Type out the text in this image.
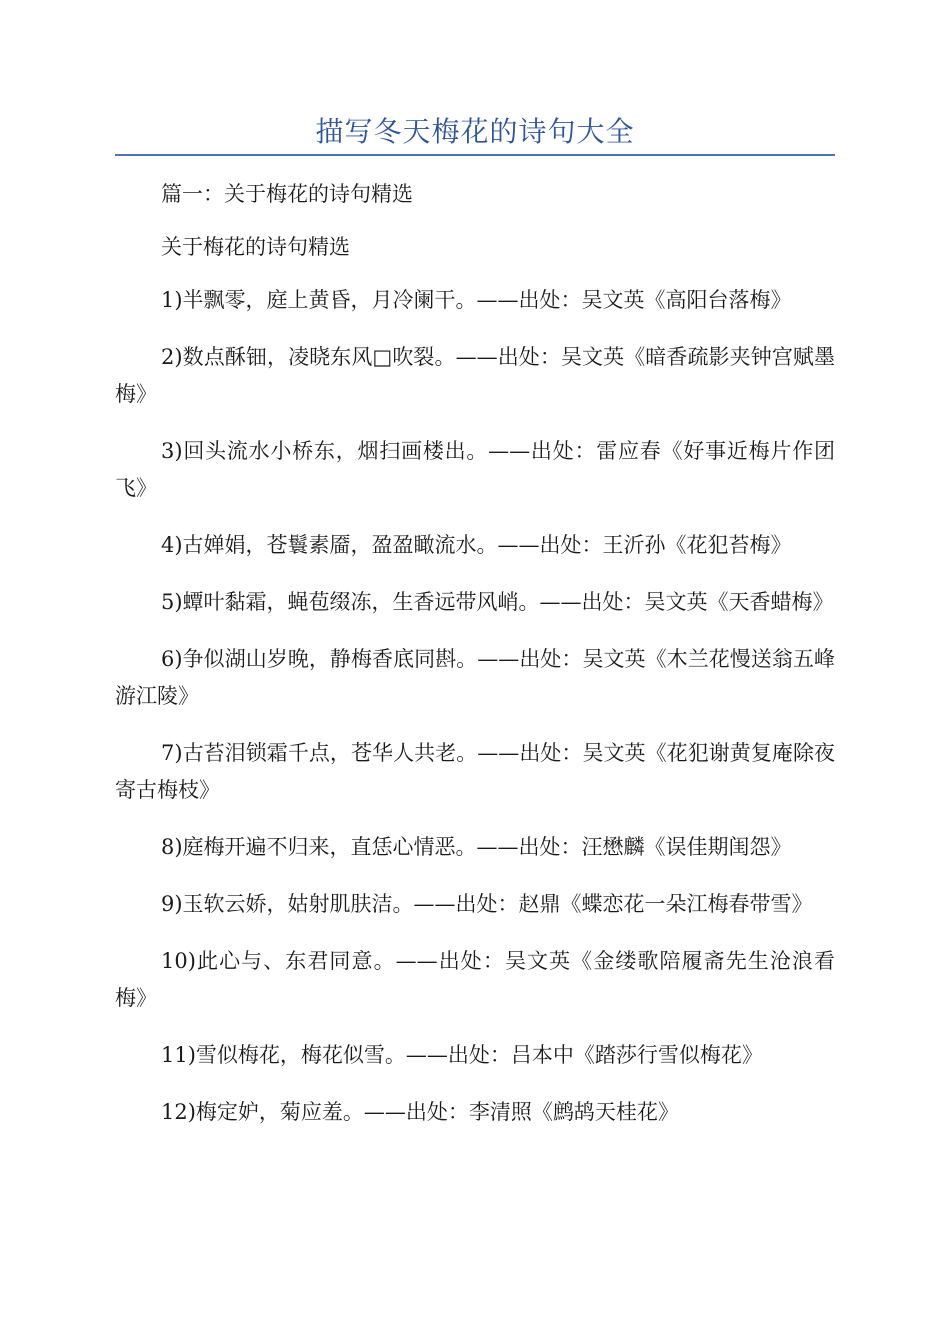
描写冬天梅花的诗句大全

篇一：关于梅花的诗句精选

关于梅花的诗句精选

1)半飘零，庭上黄昏，月冷阑干。——出处：吴文英《高阳台落梅》

2)数点酥钿，凌晓东风□吹裂。——出处：吴文英《暗香疏影夹钟宫赋墨梅》

3)回头流水小桥东，烟扫画楼出。——出处：雷应春《好事近梅片作团飞》

4)古婵娟，苍鬟素靥，盈盈瞰流水。——出处：王沂孙《花犯苔梅》

5)蟫叶黏霜，蝇苞缀冻，生香远带风峭。——出处：吴文英《天香蜡梅》

6)争似湖山岁晚，静梅香底同斟。——出处：吴文英《木兰花慢送翁五峰游江陵》

7)古苔泪锁霜千点，苍华人共老。——出处：吴文英《花犯谢黄复庵除夜寄古梅枝》

8)庭梅开遍不归来，直恁心情恶。——出处：汪懋麟《误佳期闺怨》

9)玉软云娇，姑射肌肤洁。——出处：赵鼎《蝶恋花一朵江梅春带雪》

10)此心与、东君同意。——出处：吴文英《金缕歌陪履斋先生沧浪看梅》

11)雪似梅花，梅花似雪。——出处：吕本中《踏莎行雪似梅花》

12)梅定妒，菊应羞。——出处：李清照《鹧鸪天桂花》
